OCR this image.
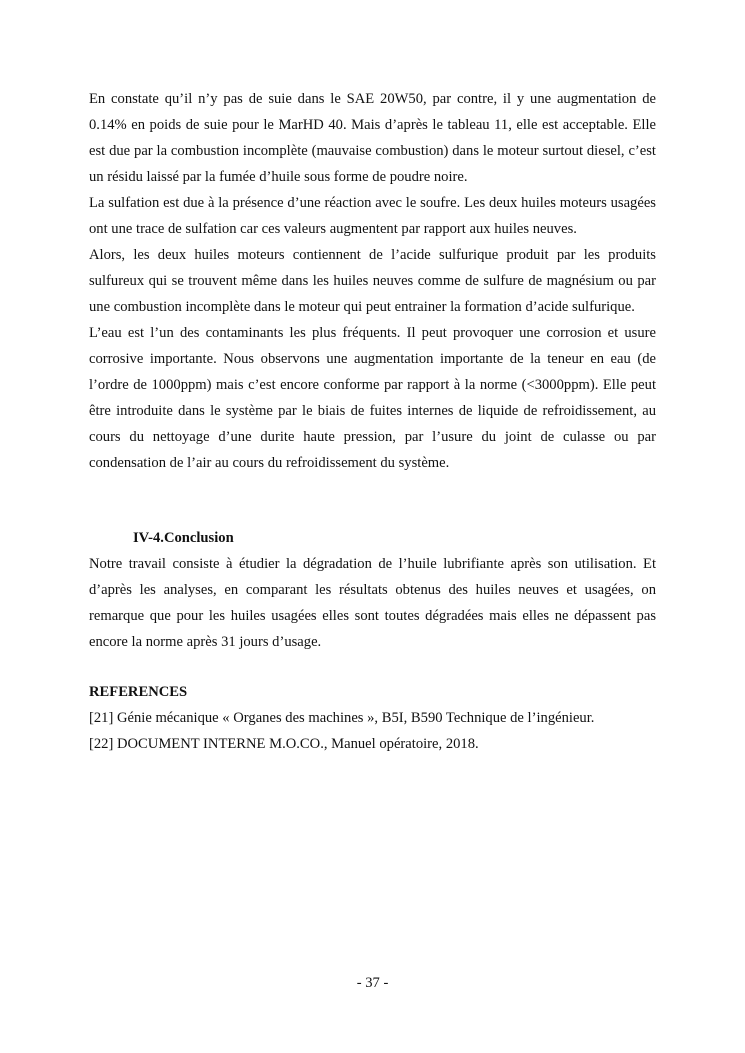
En constate qu’il n’y pas de suie dans le SAE 20W50, par contre, il y une augmentation de 0.14% en poids de suie pour le MarHD 40. Mais d’après le tableau 11, elle est acceptable. Elle est due par la combustion incomplète (mauvaise combustion) dans le moteur surtout diesel, c’est un résidu laissé par la fumée d’huile sous forme de poudre noire.

La sulfation est due à la présence d’une réaction avec le soufre. Les deux huiles moteurs usagées ont une trace de sulfation car ces valeurs augmentent par rapport aux huiles neuves.

Alors, les deux huiles moteurs contiennent de l’acide sulfurique produit par les produits sulfureux qui se trouvent même dans les huiles neuves comme de sulfure de magnésium ou par une combustion incomplète dans le moteur qui peut entrainer la formation d’acide sulfurique.

L’eau est l’un des contaminants les plus fréquents. Il peut provoquer une corrosion et usure corrosive importante. Nous observons une augmentation importante de la teneur en eau (de l’ordre de 1000ppm) mais c’est encore conforme par rapport à la norme (<3000ppm). Elle peut être introduite dans le système par le biais de fuites internes de liquide de refroidissement, au cours du nettoyage d’une durite haute pression, par l’usure du joint de culasse ou par condensation de l’air au cours du refroidissement du système.

IV-4.Conclusion

Notre travail consiste à étudier la dégradation de l’huile lubrifiante après son utilisation. Et d’après les analyses, en comparant les résultats obtenus des huiles neuves et usagées, on remarque que pour les huiles usagées elles sont toutes dégradées mais elles ne dépassent pas encore la norme après 31 jours d’usage.

REFERENCES
[21] Génie mécanique « Organes des machines », B5I, B590 Technique de l’ingénieur.
[22] DOCUMENT INTERNE M.O.CO., Manuel opératoire, 2018.
- 37 -
